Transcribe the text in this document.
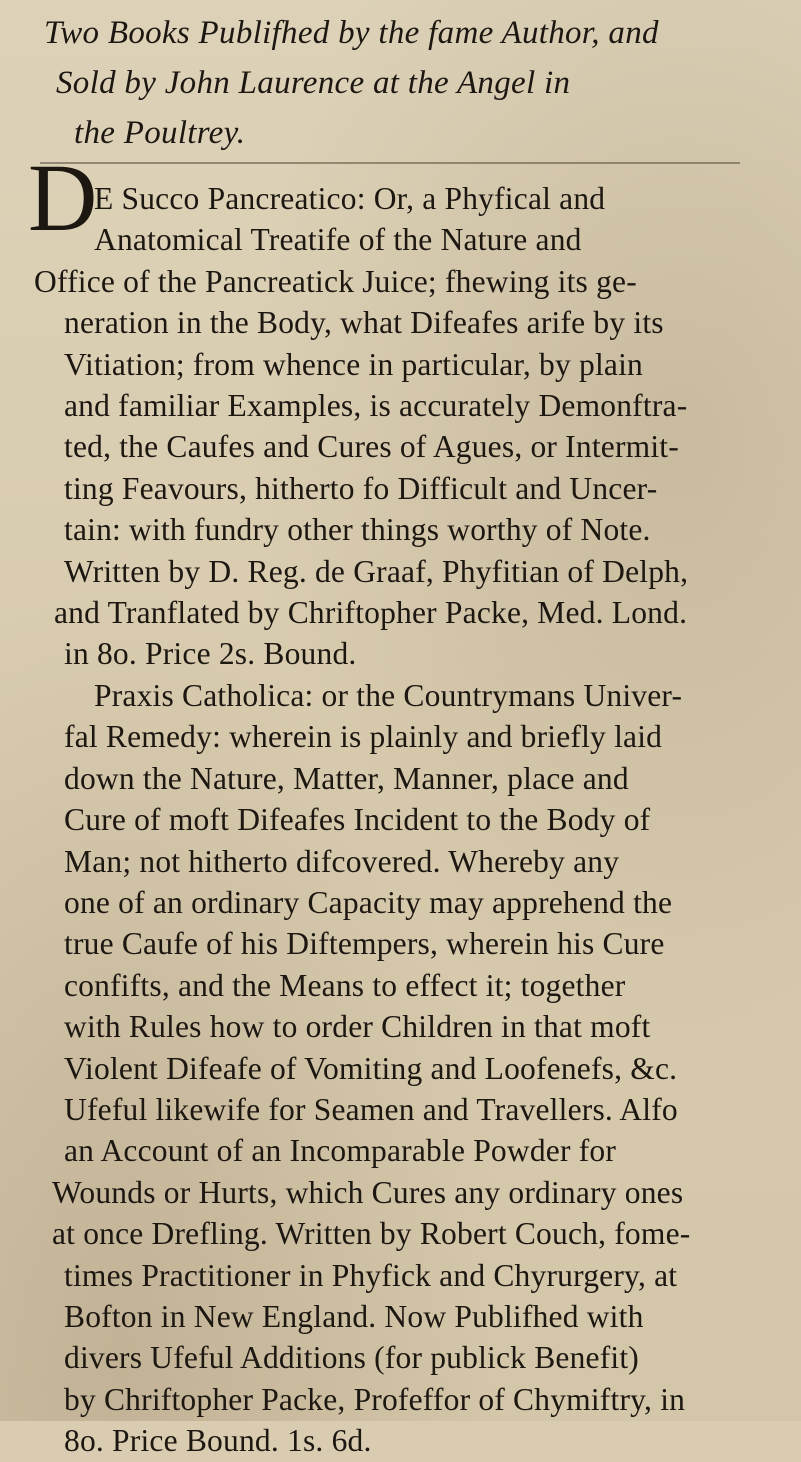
Two Books Publifhed by the fame Author, and
Sold by John Laurence at the Angel in
the Poultrey.
D
E Succo Pancreatico: Or, a Phyfical and
Anatomical Treatife of the Nature and
Office of the Pancreatick Juice; fhewing its ge-
neration in the Body, what Difeafes arife by its
Vitiation; from whence in particular, by plain
and familiar Examples, is accurately Demonftra-
ted, the Caufes and Cures of Agues, or Intermit-
ting Feavours, hitherto fo Difficult and Uncer-
tain: with fundry other things worthy of Note.
Written by D. Reg. de Graaf, Phyfitian of Delph,
and Tranflated by Chriftopher Packe, Med. Lond.
in 8o. Price 2s. Bound.
Praxis Catholica: or the Countrymans Univer-
fal Remedy: wherein is plainly and briefly laid
down the Nature, Matter, Manner, place and
Cure of moft Difeafes Incident to the Body of
Man; not hitherto difcovered. Whereby any
one of an ordinary Capacity may apprehend the
true Caufe of his Diftempers, wherein his Cure
confifts, and the Means to effect it; together
with Rules how to order Children in that moft
Violent Difeafe of Vomiting and Loofenefs, &c.
Ufeful likewife for Seamen and Travellers. Alfo
an Account of an Incomparable Powder for
Wounds or Hurts, which Cures any ordinary ones
at once Drefling. Written by Robert Couch, fome-
times Practitioner in Phyfick and Chyrurgery, at
Bofton in New England. Now Publifhed with
divers Ufeful Additions (for publick Benefit)
by Chriftopher Packe, Profeffor of Chymiftry, in
8o. Price Bound. 1s. 6d.
